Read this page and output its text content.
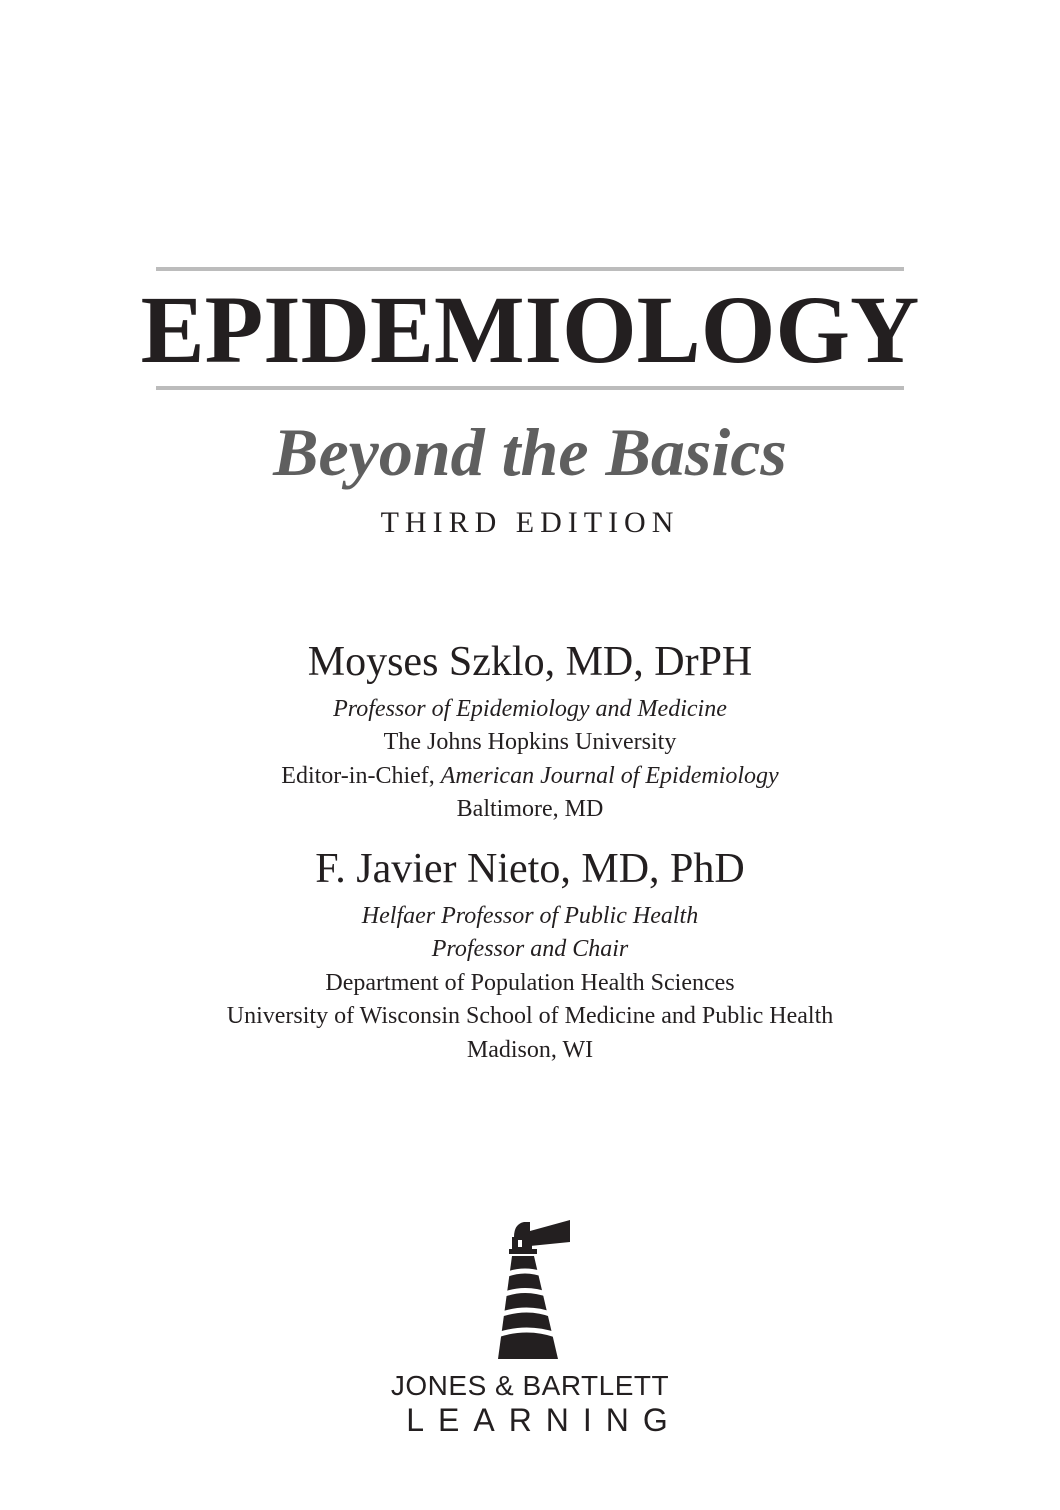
EPIDEMIOLOGY
Beyond the Basics
THIRD EDITION
Moyses Szklo, MD, DrPH
Professor of Epidemiology and Medicine
The Johns Hopkins University
Editor-in-Chief, American Journal of Epidemiology
Baltimore, MD
F. Javier Nieto, MD, PhD
Helfaer Professor of Public Health
Professor and Chair
Department of Population Health Sciences
University of Wisconsin School of Medicine and Public Health
Madison, WI
JONES & BARTLETT
LEARNING
